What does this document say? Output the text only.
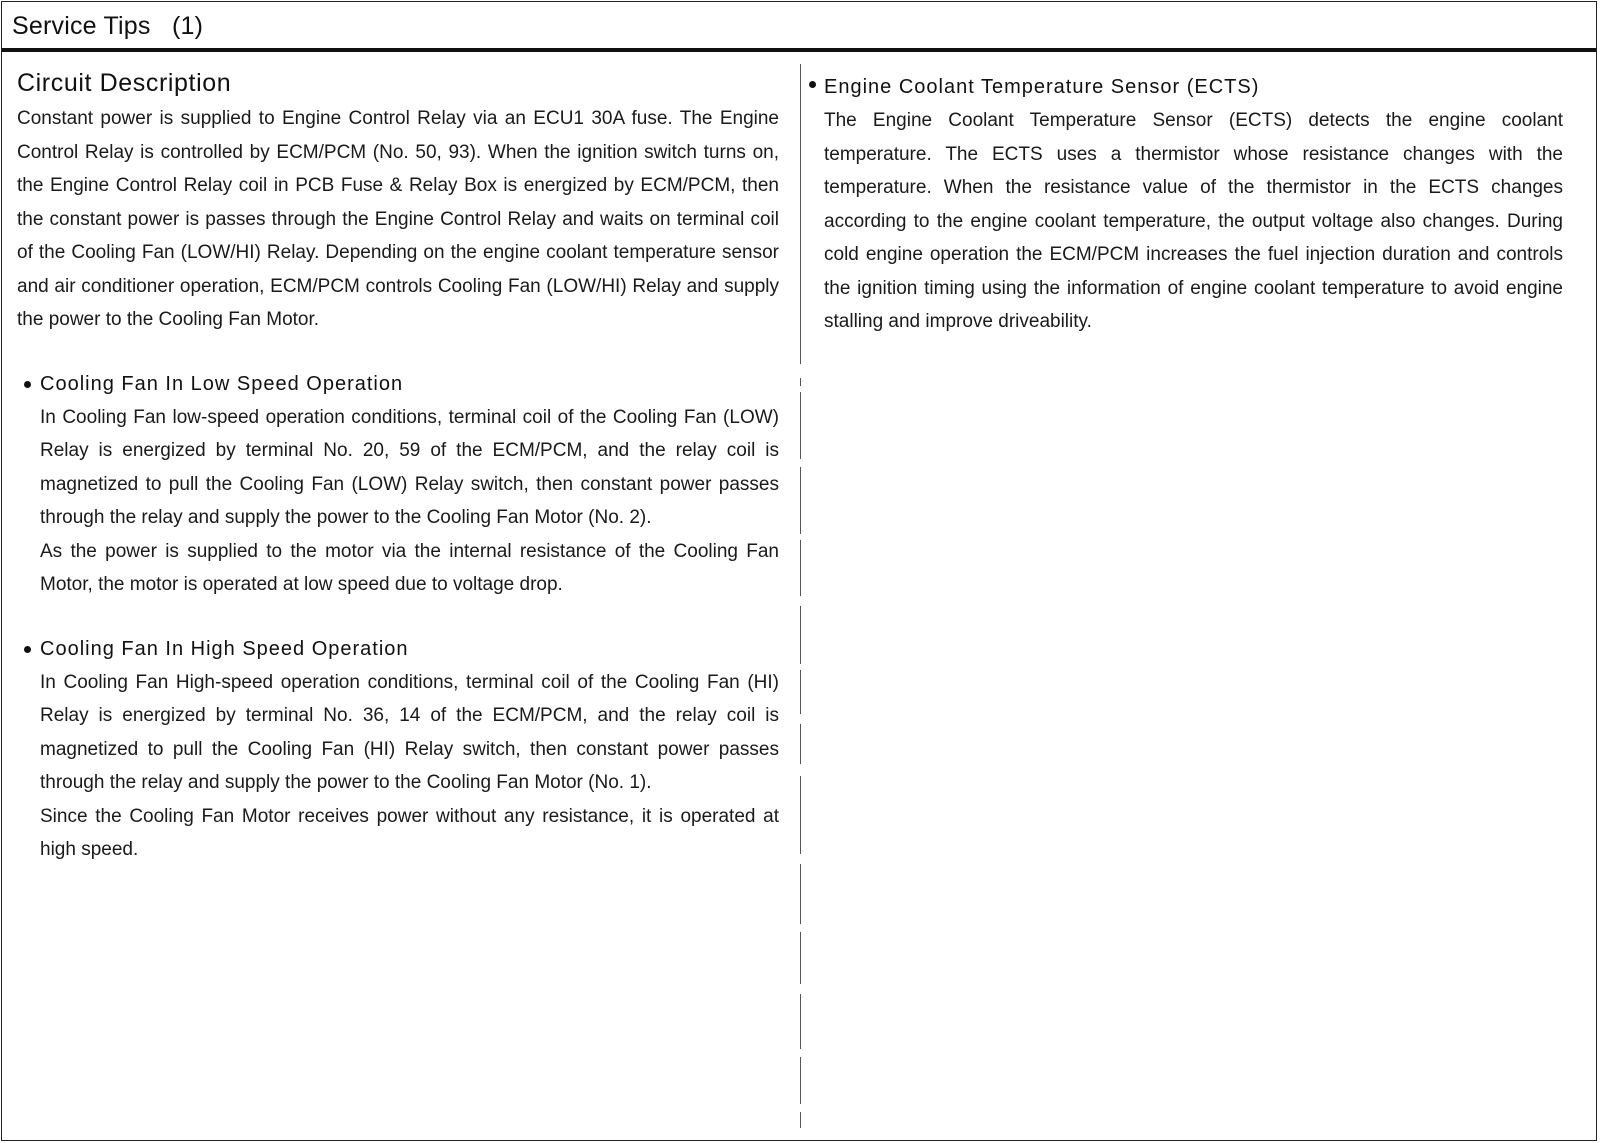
Service Tips   (1)
Circuit Description

Constant power is supplied to Engine Control Relay via an ECU1 30A fuse. The Engine Control Relay is controlled by ECM/PCM (No. 50, 93). When the ignition switch turns on, the Engine Control Relay coil in PCB Fuse & Relay Box is energized by ECM/PCM, then the constant power is passes through the Engine Control Relay and waits on terminal coil of the Cooling Fan (LOW/HI) Relay. Depending on the engine coolant temperature sensor and air conditioner operation, ECM/PCM controls Cooling Fan (LOW/HI) Relay and supply the power to the Cooling Fan Motor.

Cooling Fan In Low Speed Operation

In Cooling Fan low-speed operation conditions, terminal coil of the Cooling Fan (LOW) Relay is energized by terminal No. 20, 59 of the ECM/PCM, and the relay coil is magnetized to pull the Cooling Fan (LOW) Relay switch, then constant power passes through the relay and supply the power to the Cooling Fan Motor (No. 2).

As the power is supplied to the motor via the internal resistance of the Cooling Fan Motor, the motor is operated at low speed due to voltage drop.

Cooling Fan In High Speed Operation

In Cooling Fan High-speed operation conditions, terminal coil of the Cooling Fan (HI) Relay is energized by terminal No. 36, 14 of the ECM/PCM, and the relay coil is magnetized to pull the Cooling Fan (HI) Relay switch, then constant power passes through the relay and supply the power to the Cooling Fan Motor (No. 1).

Since the Cooling Fan Motor receives power without any resistance, it is operated at high speed.

Engine Coolant Temperature Sensor (ECTS)

The Engine Coolant Temperature Sensor (ECTS) detects the engine coolant temperature. The ECTS uses a thermistor whose resistance changes with the temperature. When the resistance value of the thermistor in the ECTS changes according to the engine coolant temperature, the output voltage also changes. During cold engine operation the ECM/PCM increases the fuel injection duration and controls the ignition timing using the information of engine coolant temperature to avoid engine stalling and improve driveability.
